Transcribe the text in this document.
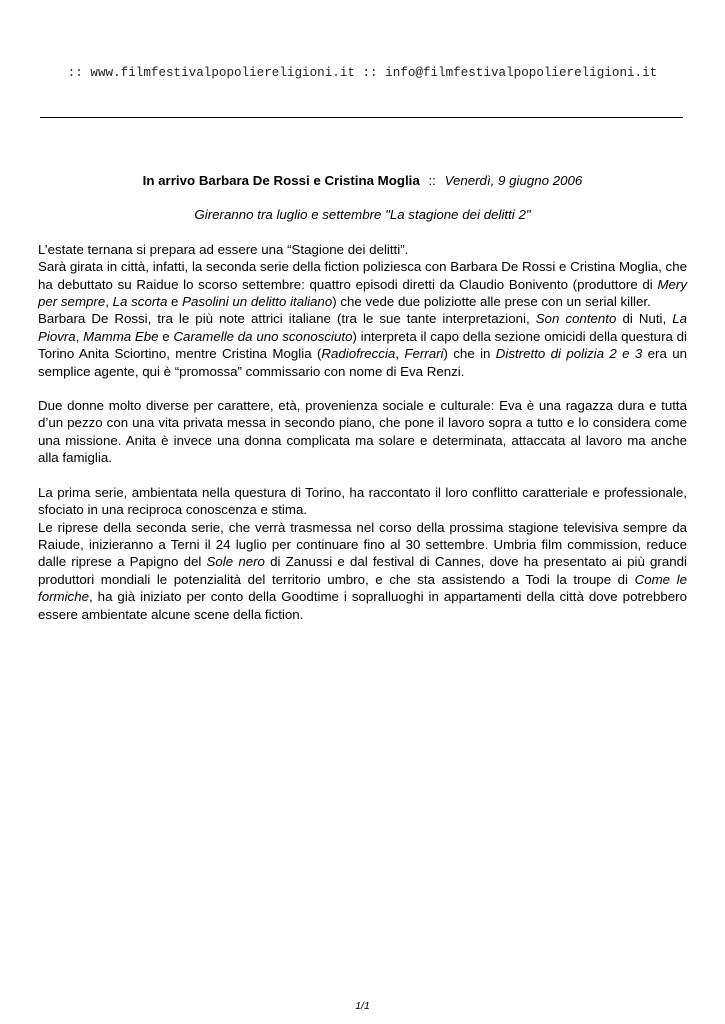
:: www.filmfestivalpopoliereligioni.it :: info@filmfestivalpopoliereligioni.it

In arrivo Barbara De Rossi e Cristina Moglia :: Venerdì, 9 giugno 2006

Gireranno tra luglio e settembre "La stagione dei delitti 2"

L’estate ternana si prepara ad essere una “Stagione dei delitti”.

Sarà girata in città, infatti, la seconda serie della fiction poliziesca con Barbara De Rossi e Cristina Moglia, che ha debuttato su Raidue lo scorso settembre: quattro episodi diretti da Claudio Bonivento (produttore di Mery per sempre, La scorta e Pasolini un delitto italiano) che vede due poliziotte alle prese con un serial killer.

Barbara De Rossi, tra le più note attrici italiane (tra le sue tante interpretazioni, Son contento di Nuti, La Piovra, Mamma Ebe e Caramelle da uno sconosciuto) interpreta il capo della sezione omicidi della questura di Torino Anita Sciortino, mentre Cristina Moglia (Radiofreccia, Ferrari) che in Distretto di polizia 2 e 3 era un semplice agente, qui è “promossa” commissario con nome di Eva Renzi.

Due donne molto diverse per carattere, età, provenienza sociale e culturale: Eva è una ragazza dura e tutta d’un pezzo con una vita privata messa in secondo piano, che pone il lavoro sopra a tutto e lo considera come una missione. Anita è invece una donna complicata ma solare e determinata, attaccata al lavoro ma anche alla famiglia.

La prima serie, ambientata nella questura di Torino, ha raccontato il loro conflitto caratteriale e professionale, sfociato in una reciproca conoscenza e stima.

Le riprese della seconda serie, che verrà trasmessa nel corso della prossima stagione televisiva sempre da Raiude, inizieranno a Terni il 24 luglio per continuare fino al 30 settembre. Umbria film commission, reduce dalle riprese a Papigno del Sole nero di Zanussi e dal festival di Cannes, dove ha presentato ai più grandi produttori mondiali le potenzialità del territorio umbro, e che sta assistendo a Todi la troupe di Come le formiche, ha già iniziato per conto della Goodtime i sopralluoghi in appartamenti della città dove potrebbero essere ambientate alcune scene della fiction.

1/1
